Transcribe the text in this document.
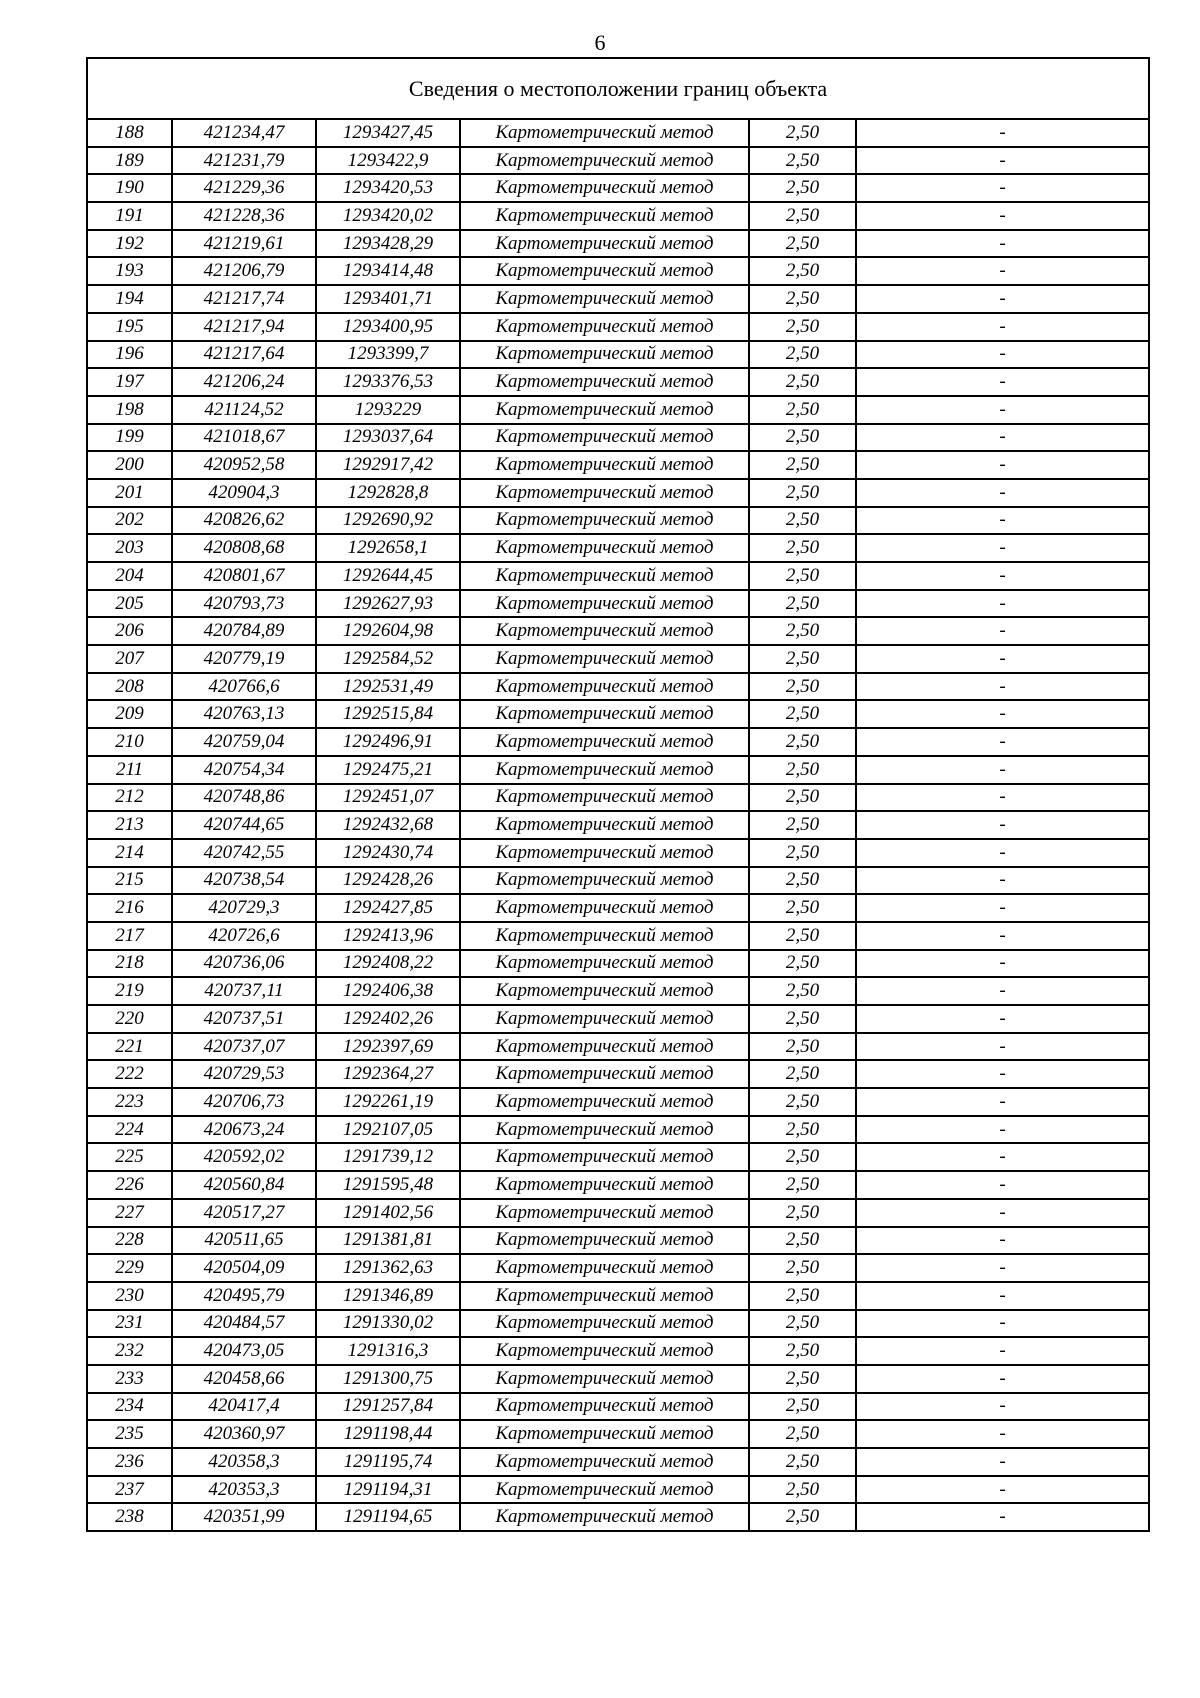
6
Сведения о местоположении границ объекта					
188	421234,47	1293427,45	Картометрический метод	2,50	-
189	421231,79	1293422,9	Картометрический метод	2,50	-
190	421229,36	1293420,53	Картометрический метод	2,50	-
191	421228,36	1293420,02	Картометрический метод	2,50	-
192	421219,61	1293428,29	Картометрический метод	2,50	-
193	421206,79	1293414,48	Картометрический метод	2,50	-
194	421217,74	1293401,71	Картометрический метод	2,50	-
195	421217,94	1293400,95	Картометрический метод	2,50	-
196	421217,64	1293399,7	Картометрический метод	2,50	-
197	421206,24	1293376,53	Картометрический метод	2,50	-
198	421124,52	1293229	Картометрический метод	2,50	-
199	421018,67	1293037,64	Картометрический метод	2,50	-
200	420952,58	1292917,42	Картометрический метод	2,50	-
201	420904,3	1292828,8	Картометрический метод	2,50	-
202	420826,62	1292690,92	Картометрический метод	2,50	-
203	420808,68	1292658,1	Картометрический метод	2,50	-
204	420801,67	1292644,45	Картометрический метод	2,50	-
205	420793,73	1292627,93	Картометрический метод	2,50	-
206	420784,89	1292604,98	Картометрический метод	2,50	-
207	420779,19	1292584,52	Картометрический метод	2,50	-
208	420766,6	1292531,49	Картометрический метод	2,50	-
209	420763,13	1292515,84	Картометрический метод	2,50	-
210	420759,04	1292496,91	Картометрический метод	2,50	-
211	420754,34	1292475,21	Картометрический метод	2,50	-
212	420748,86	1292451,07	Картометрический метод	2,50	-
213	420744,65	1292432,68	Картометрический метод	2,50	-
214	420742,55	1292430,74	Картометрический метод	2,50	-
215	420738,54	1292428,26	Картометрический метод	2,50	-
216	420729,3	1292427,85	Картометрический метод	2,50	-
217	420726,6	1292413,96	Картометрический метод	2,50	-
218	420736,06	1292408,22	Картометрический метод	2,50	-
219	420737,11	1292406,38	Картометрический метод	2,50	-
220	420737,51	1292402,26	Картометрический метод	2,50	-
221	420737,07	1292397,69	Картометрический метод	2,50	-
222	420729,53	1292364,27	Картометрический метод	2,50	-
223	420706,73	1292261,19	Картометрический метод	2,50	-
224	420673,24	1292107,05	Картометрический метод	2,50	-
225	420592,02	1291739,12	Картометрический метод	2,50	-
226	420560,84	1291595,48	Картометрический метод	2,50	-
227	420517,27	1291402,56	Картометрический метод	2,50	-
228	420511,65	1291381,81	Картометрический метод	2,50	-
229	420504,09	1291362,63	Картометрический метод	2,50	-
230	420495,79	1291346,89	Картометрический метод	2,50	-
231	420484,57	1291330,02	Картометрический метод	2,50	-
232	420473,05	1291316,3	Картометрический метод	2,50	-
233	420458,66	1291300,75	Картометрический метод	2,50	-
234	420417,4	1291257,84	Картометрический метод	2,50	-
235	420360,97	1291198,44	Картометрический метод	2,50	-
236	420358,3	1291195,74	Картометрический метод	2,50	-
237	420353,3	1291194,31	Картометрический метод	2,50	-
238	420351,99	1291194,65	Картометрический метод	2,50	-
